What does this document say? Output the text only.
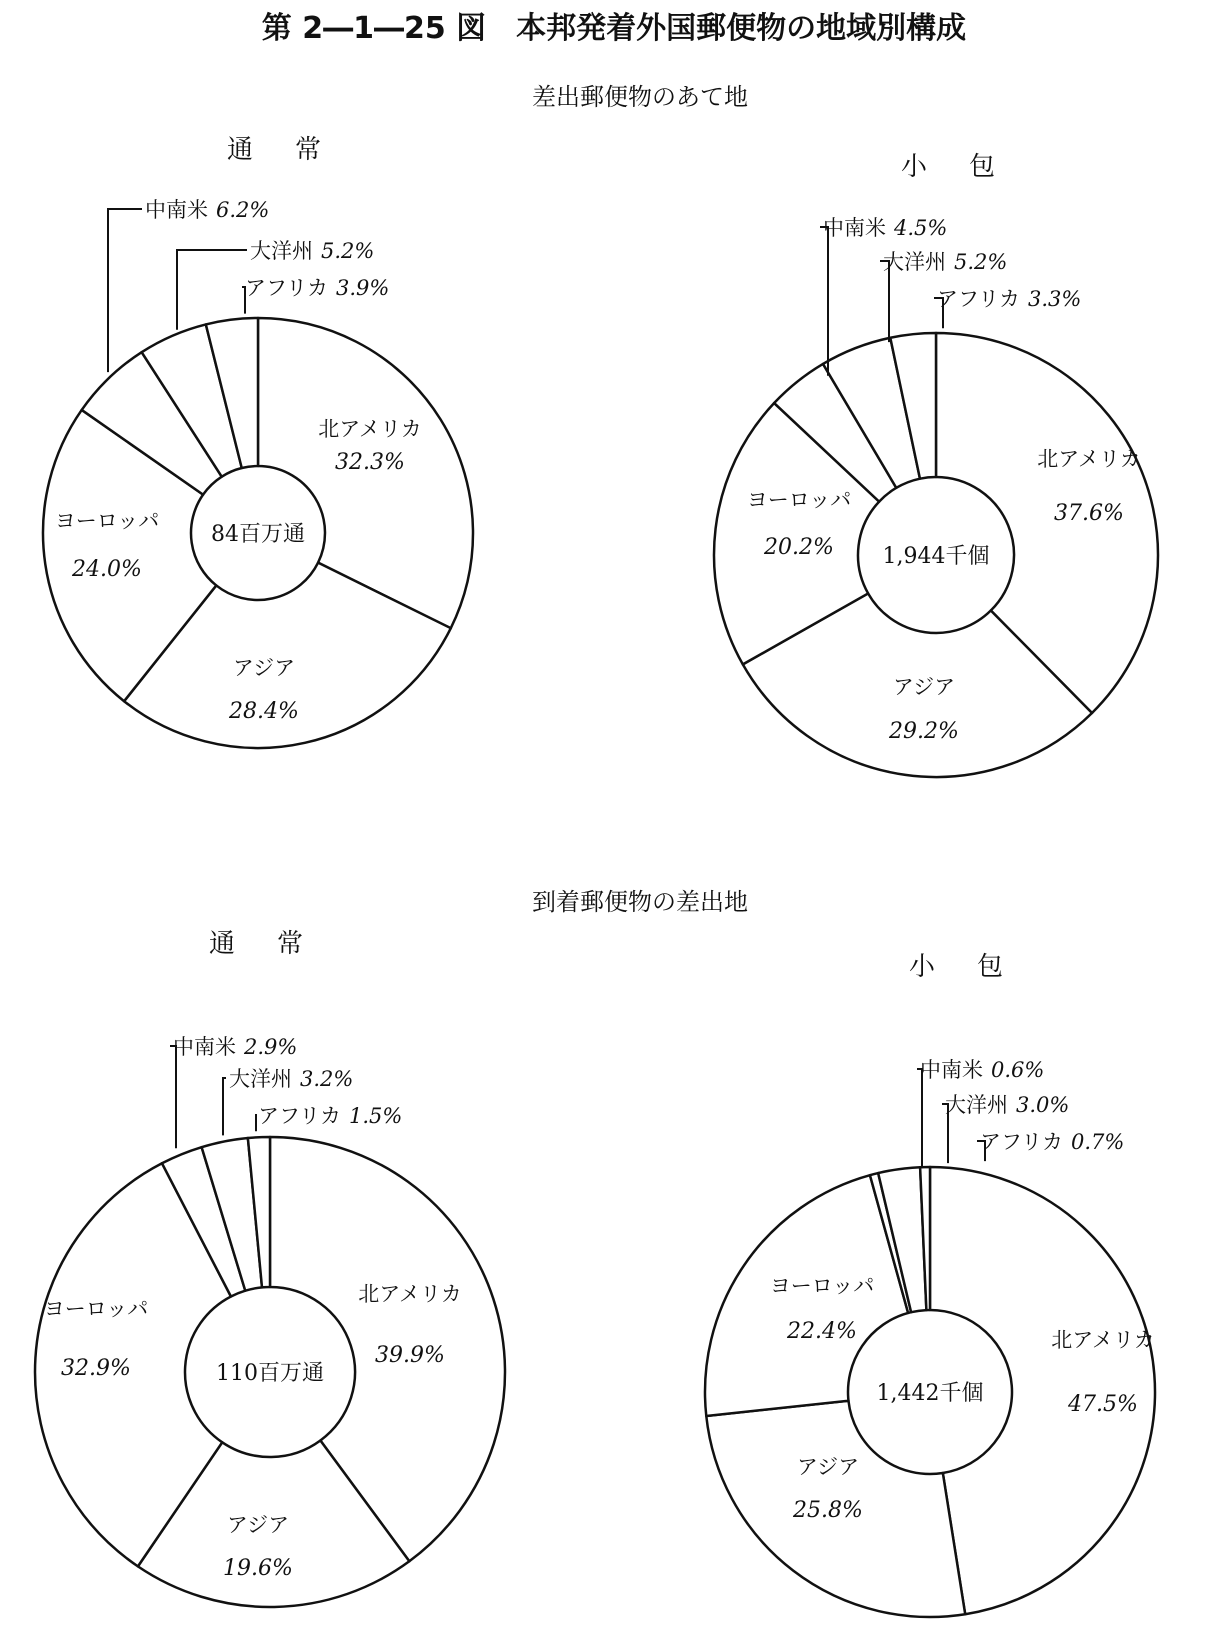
第 2―1―25 図　本邦発着外国郵便物の地域別構成
差出郵便物のあて地
到着郵便物の差出地
通　常
84百万通
北アメリカ
32.3%
アジア
28.4%
ヨーロッパ
24.0%
中南米 6.2%
大洋州 5.2%
アフリカ 3.9%
小　包
1,944千個
北アメリカ
37.6%
アジア
29.2%
ヨーロッパ
20.2%
中南米 4.5%
大洋州 5.2%
アフリカ 3.3%
通　常
110百万通
北アメリカ
39.9%
アジア
19.6%
ヨーロッパ
32.9%
中南米 2.9%
大洋州 3.2%
アフリカ 1.5%
小　包
1,442千個
北アメリカ
47.5%
アジア
25.8%
ヨーロッパ
22.4%
中南米 0.6%
大洋州 3.0%
アフリカ 0.7%
